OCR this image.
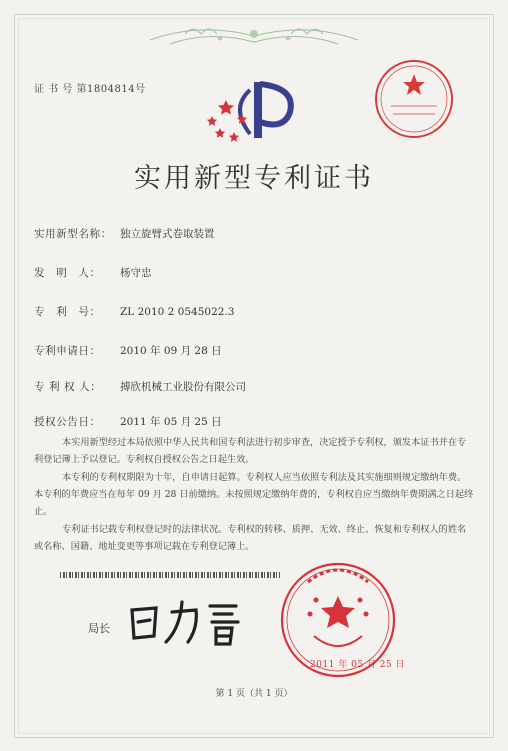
证 书 号 第1804814号
实用新型专利证书
实用新型名称： 独立旋臂式卷取装置
发　明　人： 杨守忠
专　利　号： ZL 2010 2 0545022.3
专利申请日： 2010 年 09 月 28 日
专 利 权 人： 搏欣机械工业股份有限公司
授权公告日： 2011 年 05 月 25 日
本实用新型经过本局依照中华人民共和国专利法进行初步审查，决定授予专利权，颁发本证书并在专利登记簿上予以登记。专利权自授权公告之日起生效。
本专利的专利权期限为十年，自申请日起算。专利权人应当依照专利法及其实施细则规定缴纳年费。本专利的年费应当在每年 09 月 28 日前缴纳。未按照规定缴纳年费的，专利权自应当缴纳年费期满之日起终止。
专利证书记载专利权登记时的法律状况。专利权的转移、质押、无效、终止、恢复和专利权人的姓名或名称、国籍、地址变更等事项记载在专利登记簿上。
局长
2011 年 05 月 25 日
第 1 页（共 1 页）
